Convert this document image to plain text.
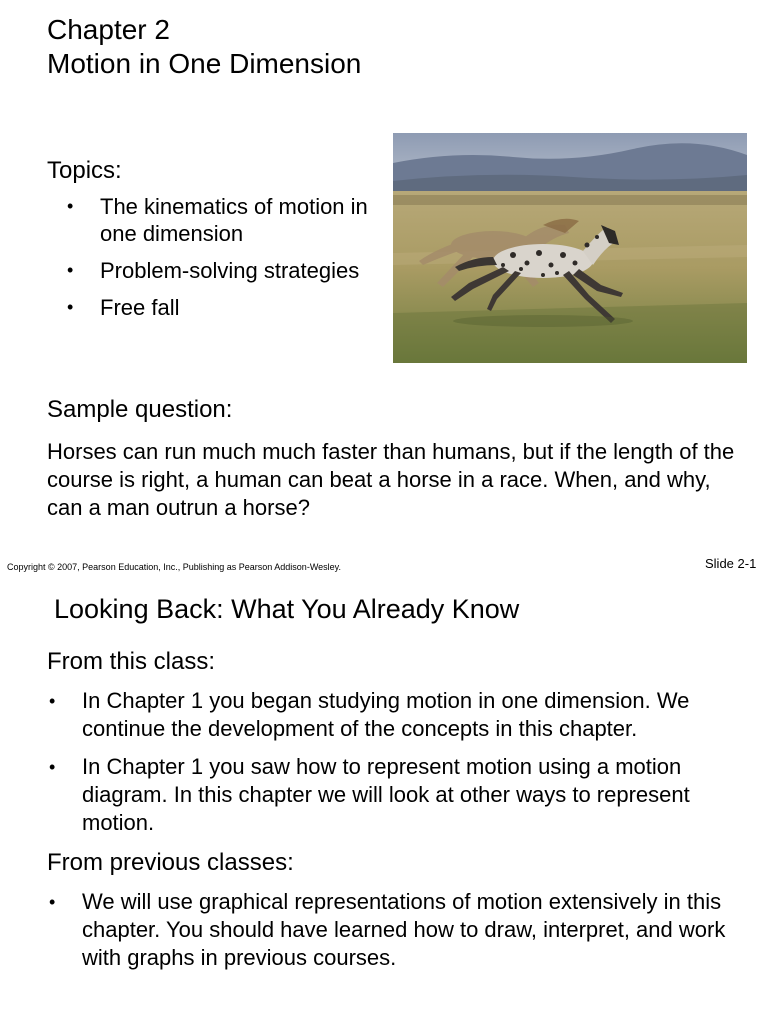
Chapter 2
Motion in One Dimension
Topics:
• The kinematics of motion in one dimension
• Problem-solving strategies
• Free fall
Sample question:
Horses can run much much faster than humans, but if the length of the course is right, a human can beat a horse in a race. When, and why, can a man outrun a horse?
Copyright © 2007, Pearson Education, Inc., Publishing as Pearson Addison-Wesley.	Slide 2-1
Looking Back: What You Already Know
From this class:
• In Chapter 1 you began studying motion in one dimension. We continue the development of the concepts in this chapter.
• In Chapter 1 you saw how to represent motion using a motion diagram. In this chapter we will look at other ways to represent motion.
From previous classes:
• We will use graphical representations of motion extensively in this chapter. You should have learned how to draw, interpret, and work with graphs in previous courses.
